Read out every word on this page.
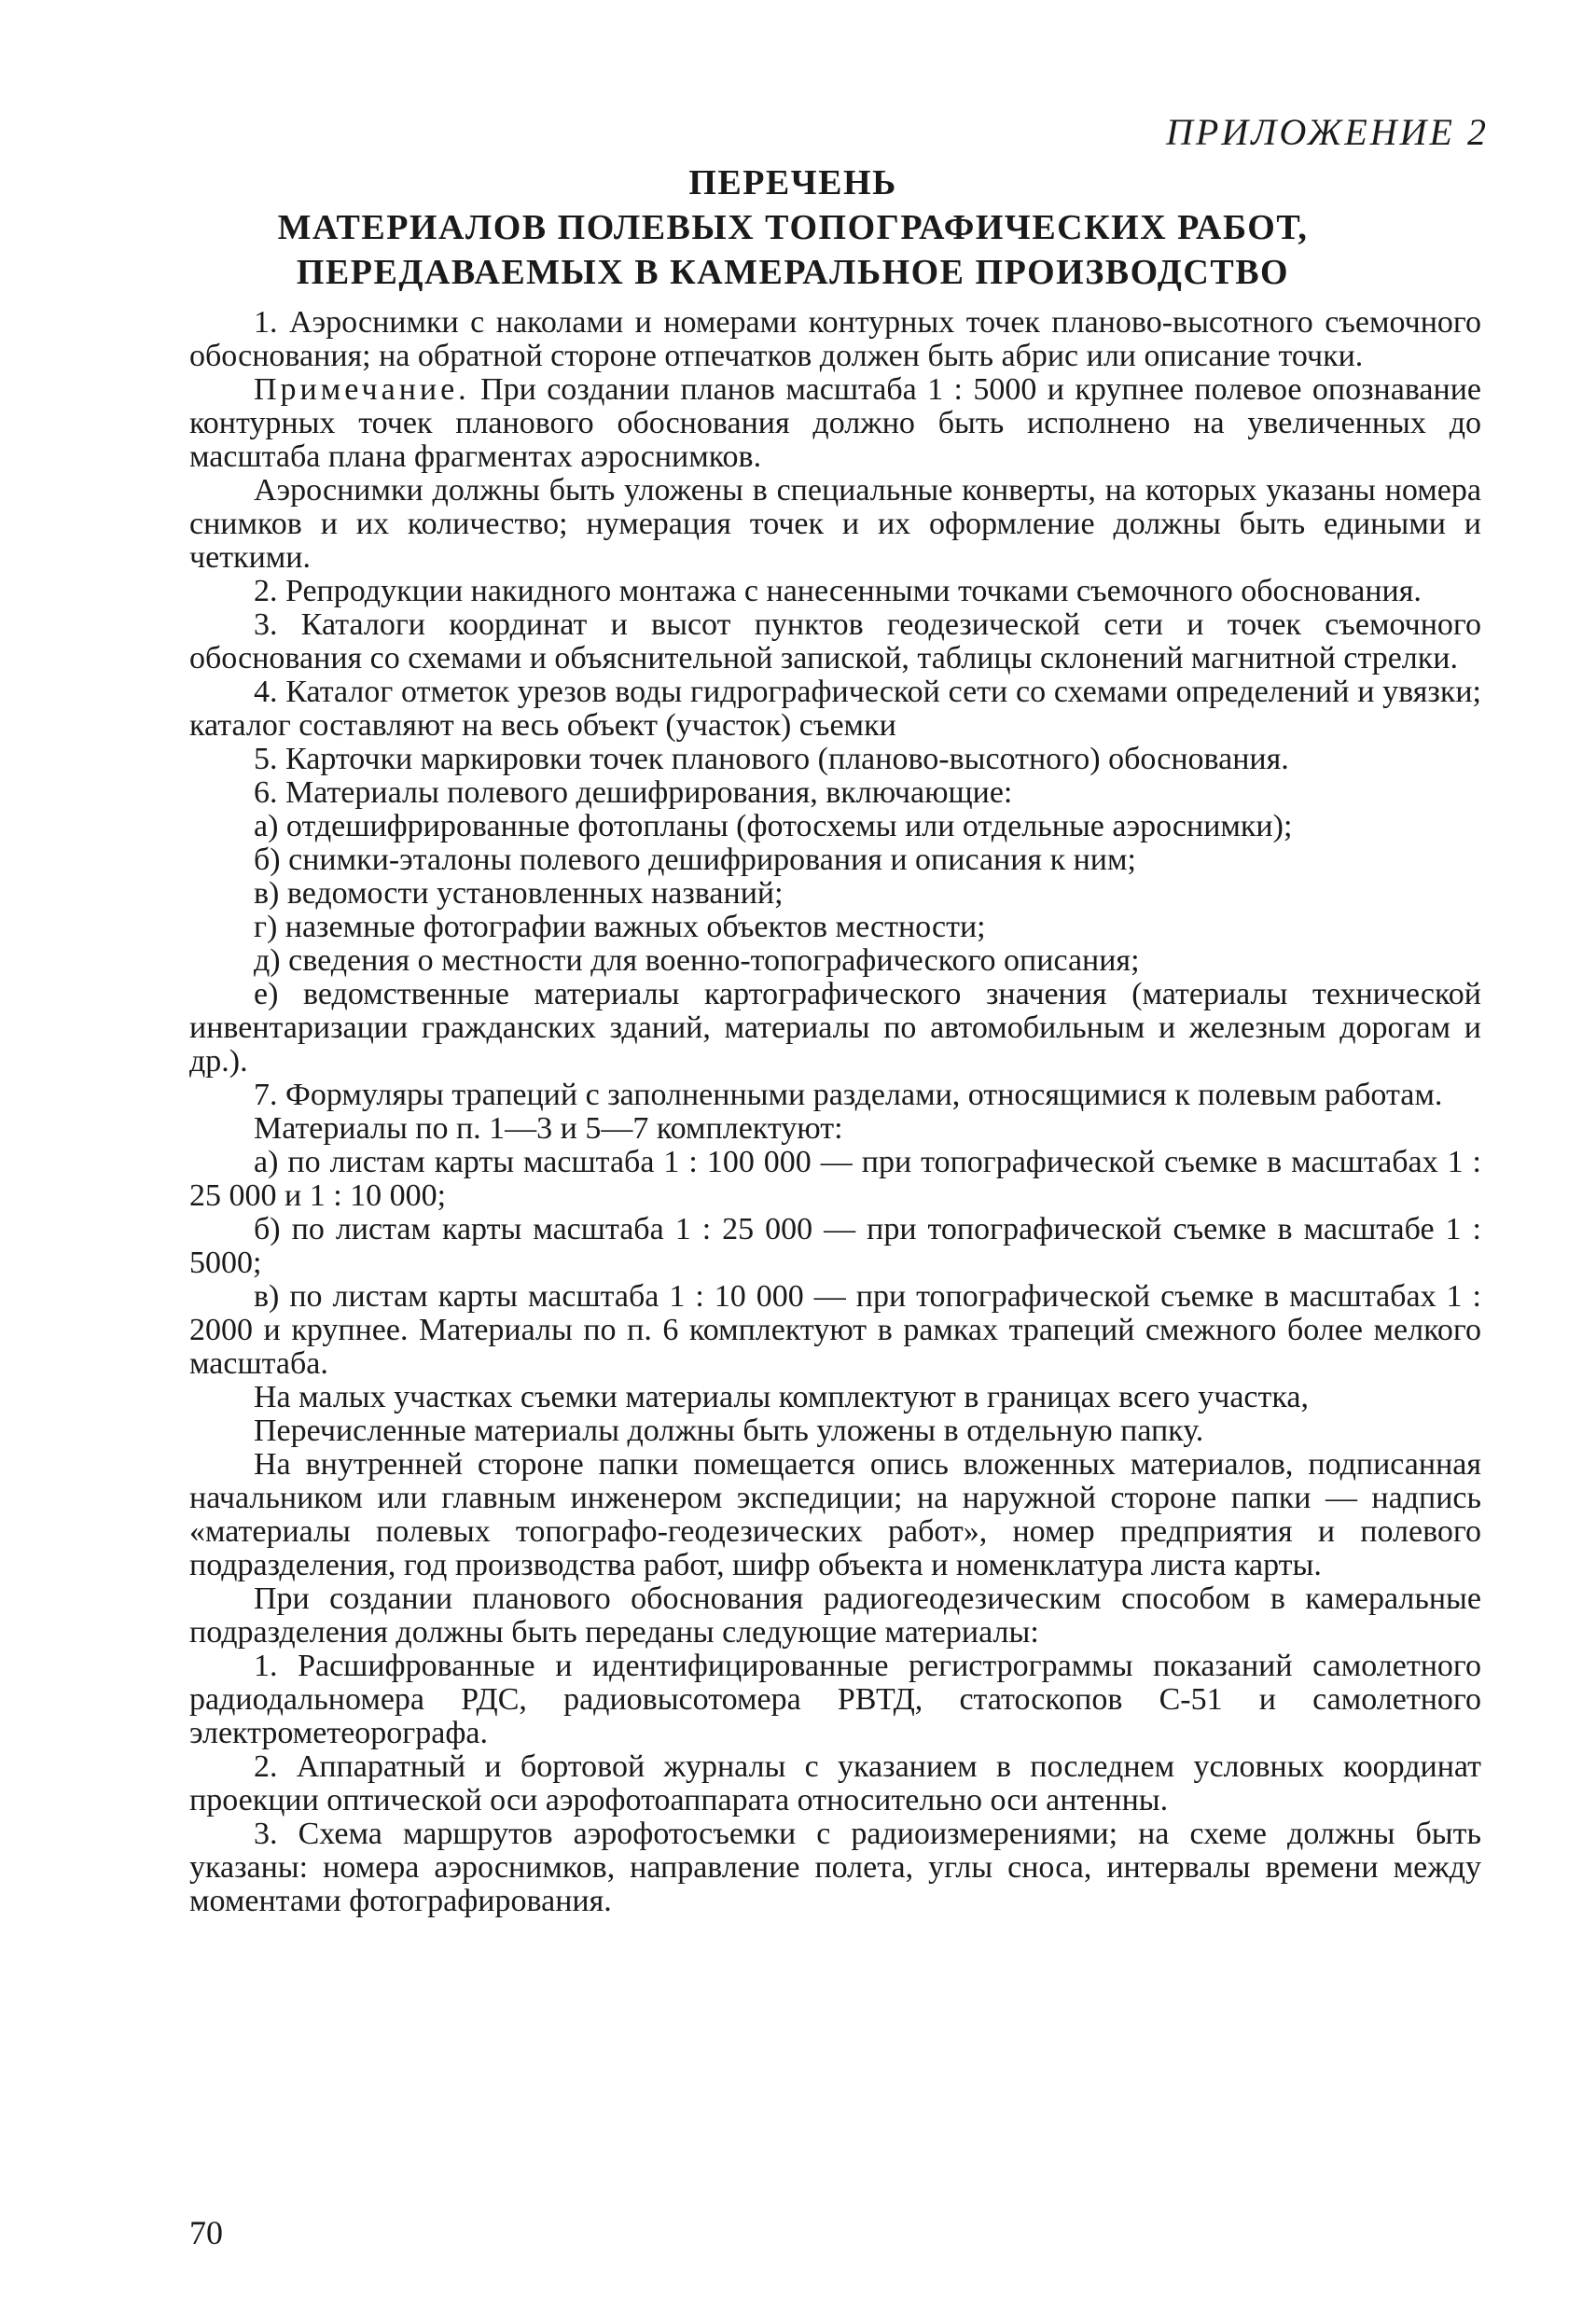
ПРИЛОЖЕНИЕ 2

ПЕРЕЧЕНЬ
МАТЕРИАЛОВ ПОЛЕВЫХ ТОПОГРАФИЧЕСКИХ РАБОТ,
ПЕРЕДАВАЕМЫХ В КАМЕРАЛЬНОЕ ПРОИЗВОДСТВО

1. Аэроснимки с наколами и номерами контурных точек планово-высотного съемочного обоснования; на обратной стороне отпечатков должен быть абрис или описание точки.

Примечание. При создании планов масштаба 1 : 5000 и крупнее полевое опознавание контурных точек планового обоснования должно быть исполнено на увеличенных до масштаба плана фрагментах аэроснимков.

Аэроснимки должны быть уложены в специальные конверты, на которых указаны номера снимков и их количество; нумерация точек и их оформление должны быть едиными и четкими.

2. Репродукции накидного монтажа с нанесенными точками съемочного обоснования.

3. Каталоги координат и высот пунктов геодезической сети и точек съемочного обоснования со схемами и объяснительной запиской, таблицы склонений магнитной стрелки.

4. Каталог отметок урезов воды гидрографической сети со схемами определений и увязки; каталог составляют на весь объект (участок) съемки

5. Карточки маркировки точек планового (планово-высотного) обоснования.

6. Материалы полевого дешифрирования, включающие:

а) отдешифрированные фотопланы (фотосхемы или отдельные аэроснимки);

б) снимки-эталоны полевого дешифрирования и описания к ним;

в) ведомости установленных названий;

г) наземные фотографии важных объектов местности;

д) сведения о местности для военно-топографического описания;

е) ведомственные материалы картографического значения (материалы технической инвентаризации гражданских зданий, материалы по автомобильным и железным дорогам и др.).

7. Формуляры трапеций с заполненными разделами, относящимися к полевым работам.

Материалы по п. 1—3 и 5—7 комплектуют:

а) по листам карты масштаба 1 : 100 000 — при топографической съемке в масштабах 1 : 25 000 и 1 : 10 000;

б) по листам карты масштаба 1 : 25 000 — при топографической съемке в масштабе 1 : 5000;

в) по листам карты масштаба 1 : 10 000 — при топографической съемке в масштабах 1 : 2000 и крупнее. Материалы по п. 6 комплектуют в рамках трапеций смежного более мелкого масштаба.

На малых участках съемки материалы комплектуют в границах всего участка,

Перечисленные материалы должны быть уложены в отдельную папку.

На внутренней стороне папки помещается опись вложенных материалов, подписанная начальником или главным инженером экспедиции; на наружной стороне папки — надпись «материалы полевых топографо-геодезических работ», номер предприятия и полевого подразделения, год производства работ, шифр объекта и номенклатура листа карты.

При создании планового обоснования радиогеодезическим способом в камеральные подразделения должны быть переданы следующие материалы:

1. Расшифрованные и идентифицированные регистрограммы показаний самолетного радиодальномера РДС, радиовысотомера РВТД, статоскопов С-51 и самолетного электрометеорографа.

2. Аппаратный и бортовой журналы с указанием в последнем условных координат проекции оптической оси аэрофотоаппарата относительно оси антенны.

3. Схема маршрутов аэрофотосъемки с радиоизмерениями; на схеме должны быть указаны: номера аэроснимков, направление полета, углы сноса, интервалы времени между моментами фотографирования.

70
